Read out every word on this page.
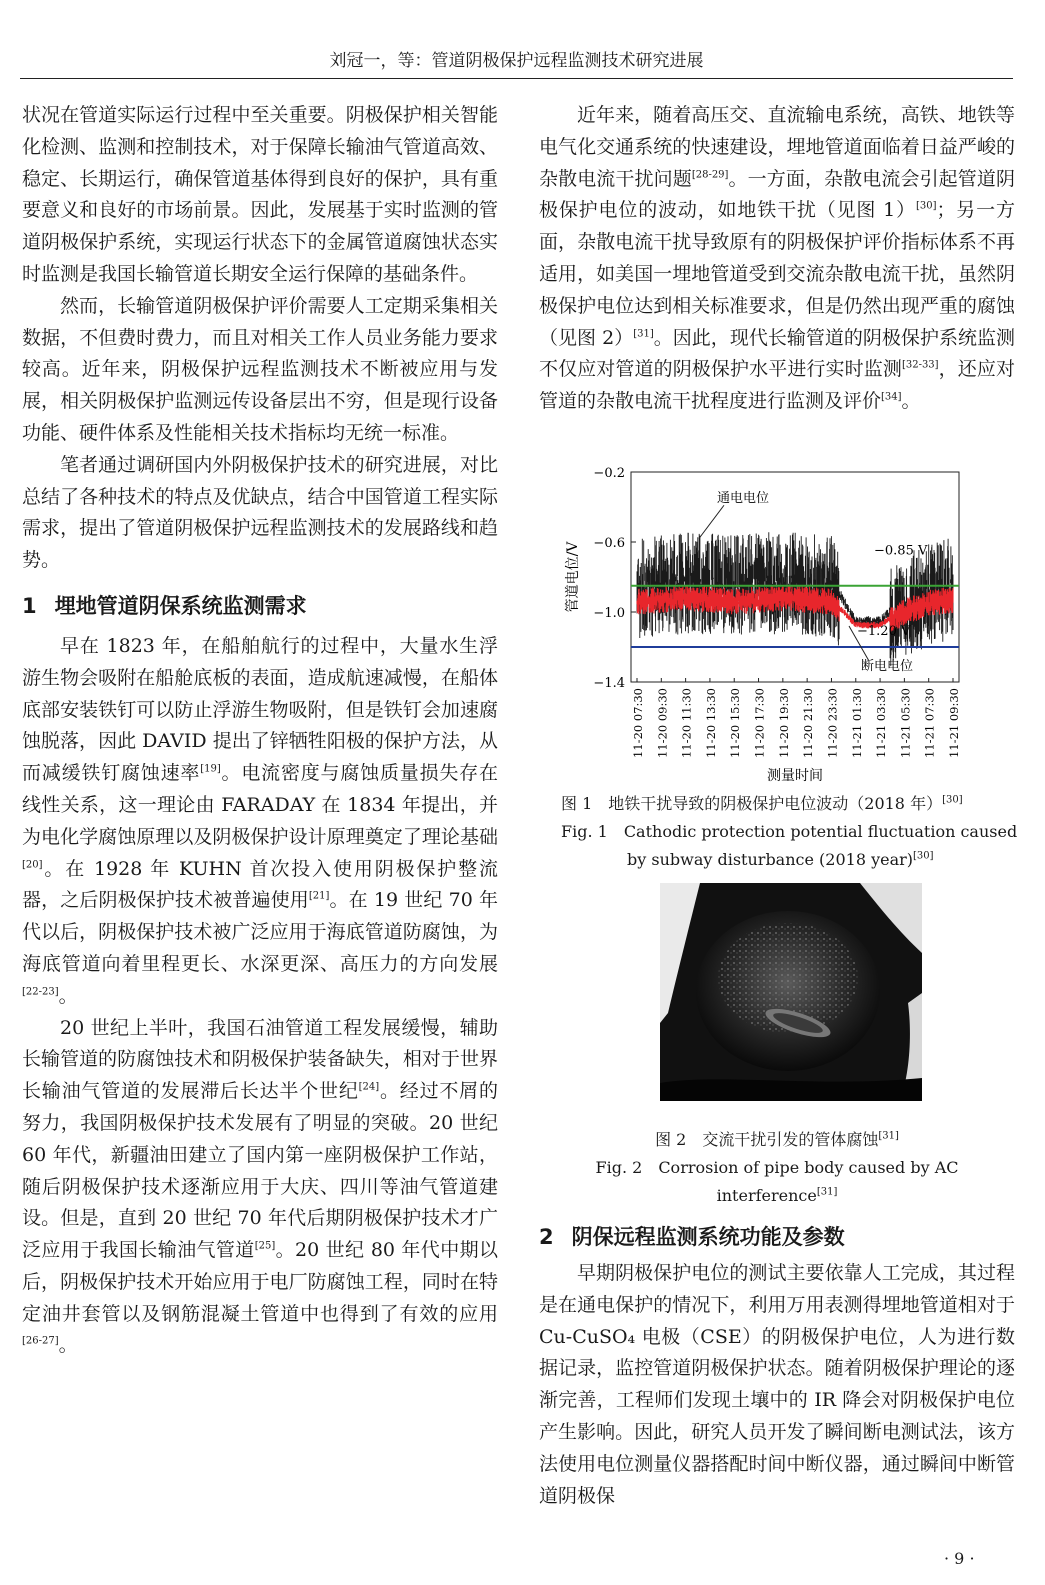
刘冠一，等：管道阴极保护远程监测技术研究进展

状况在管道实际运行过程中至关重要。阴极保护相关智能化检测、监测和控制技术，对于保障长输油气管道高效、稳定、长期运行，确保管道基体得到良好的保护，具有重要意义和良好的市场前景。因此，发展基于实时监测的管道阴极保护系统，实现运行状态下的金属管道腐蚀状态实时监测是我国长输管道长期安全运行保障的基础条件。

然而，长输管道阴极保护评价需要人工定期采集相关数据，不但费时费力，而且对相关工作人员业务能力要求较高。近年来，阴极保护远程监测技术不断被应用与发展，相关阴极保护监测远传设备层出不穷，但是现行设备功能、硬件体系及性能相关技术指标均无统一标准。

笔者通过调研国内外阴极保护技术的研究进展，对比总结了各种技术的特点及优缺点，结合中国管道工程实际需求，提出了管道阴极保护远程监测技术的发展路线和趋势。

1 埋地管道阴保系统监测需求

早在 1823 年，在船舶航行的过程中，大量水生浮游生物会吸附在船舱底板的表面，造成航速减慢，在船体底部安装铁钉可以防止浮游生物吸附，但是铁钉会加速腐蚀脱落，因此 DAVID 提出了锌牺牲阳极的保护方法，从而减缓铁钉腐蚀速率[19]。电流密度与腐蚀质量损失存在线性关系，这一理论由 FARADAY 在 1834 年提出，并为电化学腐蚀原理以及阴极保护设计原理奠定了理论基础[20]。在 1928 年 KUHN 首次投入使用阴极保护整流器，之后阴极保护技术被普遍使用[21]。在 19 世纪 70 年代以后，阴极保护技术被广泛应用于海底管道防腐蚀，为海底管道向着里程更长、水深更深、高压力的方向发展[22-23]。

20 世纪上半叶，我国石油管道工程发展缓慢，辅助长输管道的防腐蚀技术和阴极保护装备缺失，相对于世界长输油气管道的发展滞后长达半个世纪[24]。经过不屑的努力，我国阴极保护技术发展有了明显的突破。20 世纪 60 年代，新疆油田建立了国内第一座阴极保护工作站，随后阴极保护技术逐渐应用于大庆、四川等油气管道建设。但是，直到 20 世纪 70 年代后期阴极保护技术才广泛应用于我国长输油气管道[25]。20 世纪 80 年代中期以后，阴极保护技术开始应用于电厂防腐蚀工程，同时在特定油井套管以及钢筋混凝土管道中也得到了有效的应用[26-27]。

近年来，随着高压交、直流输电系统，高铁、地铁等电气化交通系统的快速建设，埋地管道面临着日益严峻的杂散电流干扰问题[28-29]。一方面，杂散电流会引起管道阴极保护电位的波动，如地铁干扰（见图 1）[30]；另一方面，杂散电流干扰导致原有的阴极保护评价指标体系不再适用，如美国一埋地管道受到交流杂散电流干扰，虽然阴极保护电位达到相关标准要求，但是仍然出现严重的腐蚀（见图 2）[31]。因此，现代长输管道的阴极保护系统监测不仅应对管道的阴极保护水平进行实时监测[32-33]，还应对管道的杂散电流干扰程度进行监测及评价[34]。

−0.2
−0.6
−1.0
−1.4
管道电位/V
11-20 07:30 11-20 09:30 11-20 11:30 11-20 13:30 11-20 15:30 11-20 17:30 11-20 19:30 11-20 21:30 11-20 23:30 11-21 01:30 11-21 03:30 11-21 05:30 11-21 07:30 11-21 09:30
测量时间
−0.85 V
−1.20 V
通电电位
断电电位
图 1　地铁干扰导致的阴极保护电位波动（2018 年）[30]
Fig. 1　Cathodic protection potential fluctuation caused
by subway disturbance (2018 year)[30]
图 2　交流干扰引发的管体腐蚀[31]
Fig. 2　Corrosion of pipe body caused by AC interference[31]
2 阴保远程监测系统功能及参数

早期阴极保护电位的测试主要依靠人工完成，其过程是在通电保护的情况下，利用万用表测得埋地管道相对于 Cu-CuSO₄ 电极（CSE）的阴极保护电位，人为进行数据记录，监控管道阴极保护状态。随着阴极保护理论的逐渐完善，工程师们发现土壤中的 IR 降会对阴极保护电位产生影响。因此，研究人员开发了瞬间断电测试法，该方法使用电位测量仪器搭配时间中断仪器，通过瞬间中断管道阴极保

· 9 ·
